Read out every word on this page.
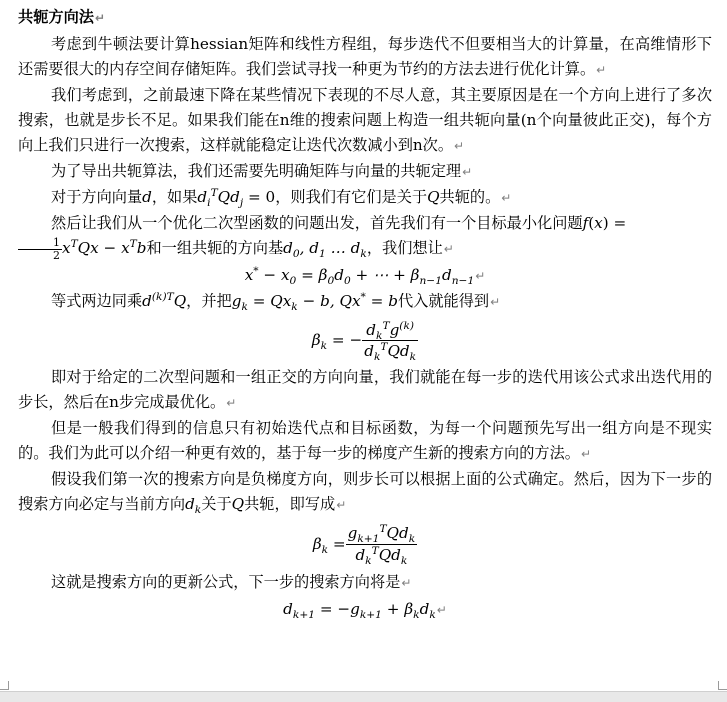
共轭方向法↵

考虑到牛顿法要计算hessian矩阵和线性方程组，每步迭代不但要相当大的计算量，在高维情形下还需要很大的内存空间存储矩阵。我们尝试寻找一种更为节约的方法去进行优化计算。↵

我们考虑到，之前最速下降在某些情况下表现的不尽人意，其主要原因是在一个方向上进行了多次搜索，也就是步长不足。如果我们能在n维的搜索问题上构造一组共轭向量(n个向量彼此正交)，每个方向上我们只进行一次搜索，这样就能稳定让迭代次数减小到n次。↵

为了导出共轭算法，我们还需要先明确矩阵与向量的共轭定理↵

对于方向向量d，如果$d_i^TQd_j = 0$，则我们有它们是关于Q共轭的。↵

然后让我们从一个优化二次型函数的问题出发，首先我们有一个目标最小化问题f(x) =

$\frac{1}{2} x^TQx - x^Tb$和一组共轭的方向基$d_0$, $d_1$ … $d_k$，我们想让↵

$x^* - x_0 = \beta_0d_0$ + ⋯ + $\beta_{n-1}d_{n-1}↵$

等式两边同乘$d^{(k)T}Q$，并把$g_k = Qx_k - b$, Qx* = b代入就能得到↵

$\beta_k$ = − $\frac{d_k^Tg^{(k)}}{d_k^TQd_k}$

即对于给定的二次型问题和一组正交的方向向量，我们就能在每一步的迭代用该公式求出迭代用的步长，然后在n步完成最优化。↵

但是一般我们得到的信息只有初始迭代点和目标函数，为每一个问题预先写出一组方向是不现实的。我们为此可以介绍一种更有效的，基于每一步的梯度产生新的搜索方向的方法。↵

假设我们第一次的搜索方向是负梯度方向，则步长可以根据上面的公式确定。然后，因为下一步的搜索方向必定与当前方向$d_k$关于Q共轭，即写成↵

$\beta_k = \frac{g_{k+1}^TQd_k}{d_k^TQd_k}$

这就是搜索方向的更新公式，下一步的搜索方向将是↵

$d_{k+1} = -g_{k+1}$ + $\beta_kd_k↵$
